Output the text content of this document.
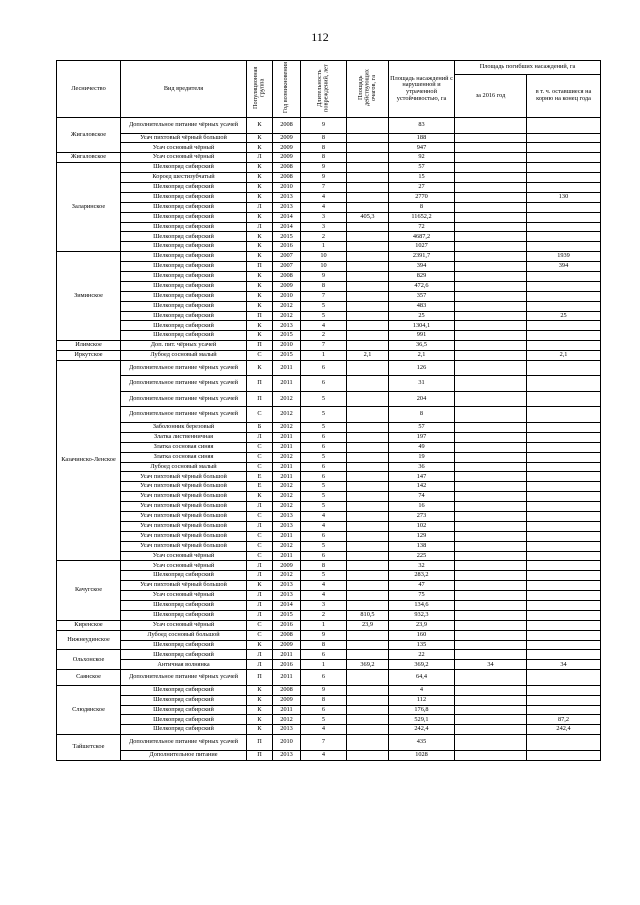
112
Лесничество	Вид вредителя	Популяционная группа	Год возникновения	Длительность повреждений, лет	Площадь действующих очагов, га	Площадь насаждений с нарушенной и утраченной устойчивостью, га	Площадь погибших насаждений, га	
							за 2016 год	в т. ч. оставшиеся на корню на конец года
Жигаловское	Дополнительное питание чёрных усачей	К	2008	9		83		
	Усач пихтовый чёрный большой	К	2009	8		188		
	Усач сосновый чёрный	К	2009	8		947		
Жигаловское	Усач сосновый чёрный	Л	2009	8		92		
Заларинское	Шелкопряд сибирский	К	2008	9		57		
	Короед шестизубчатый	К	2008	9		15		
	Шелкопряд сибирский	К	2010	7		27		
	Шелкопряд сибирский	К	2013	4		2770		130
	Шелкопряд сибирский	Л	2013	4		8		
	Шелкопряд сибирский	К	2014	3	405,3	11652,2		
	Шелкопряд сибирский	Л	2014	3		72		
	Шелкопряд сибирский	К	2015	2		4687,2		
	Шелкопряд сибирский	К	2016	1		1027		
Зиминское	Шелкопряд сибирский	К	2007	10		2391,7		1939
	Шелкопряд сибирский	П	2007	10		394		394
	Шелкопряд сибирский	К	2008	9		829		
	Шелкопряд сибирский	К	2009	8		472,6		
	Шелкопряд сибирский	К	2010	7		357		
	Шелкопряд сибирский	К	2012	5		483		
	Шелкопряд сибирский	П	2012	5		25		25
	Шелкопряд сибирский	К	2013	4		1304,1		
	Шелкопряд сибирский	К	2015	2		991		
Илимское	Доп. пит. чёрных усачей	П	2010	7		36,5		
Иркутское	Лубоед сосновый малый	С	2015	1	2,1	2,1		2,1
Казачинско-Ленское	Дополнительное питание чёрных усачей	К	2011	6		126		
	Дополнительное питание чёрных усачей	П	2011	6		31		
	Дополнительное питание чёрных усачей	П	2012	5		204		
	Дополнительное питание чёрных усачей	С	2012	5		8		
	Заболонник березовый	Б	2012	5		57		
	Златка лиственничная	Л	2011	6		197		
	Златка сосновая синяя	С	2011	6		49		
	Златка сосновая синяя	С	2012	5		19		
	Лубоед сосновый малый	С	2011	6		36		
	Усач пихтовый чёрный большой	Е	2011	6		147		
	Усач пихтовый чёрный большой	Е	2012	5		142		
	Усач пихтовый чёрный большой	К	2012	5		74		
	Усач пихтовый чёрный большой	Л	2012	5		16		
	Усач пихтовый чёрный большой	С	2013	4		273		
	Усач пихтовый чёрный большой	Л	2013	4		102		
	Усач пихтовый чёрный большой	С	2011	6		129		
	Усач пихтовый чёрный большой	С	2012	5		138		
	Усач сосновый чёрный	С	2011	6		225		
Качугское	Усач сосновый чёрный	Л	2009	8		32		
	Шелкопряд сибирский	Л	2012	5		283,2		
	Усач пихтовый чёрный большой	К	2013	4		47		
	Усач сосновый чёрный	Л	2013	4		75		
	Шелкопряд сибирский	Л	2014	3		134,6		
	Шелкопряд сибирский	Л	2015	2	810,5	932,3		
Киренское	Усач сосновый чёрный	С	2016	1	23,9	23,9		
Нижнеудинское	Лубоед сосновый большой	С	2008	9		160		
	Шелкопряд сибирский	К	2009	8		135		
Ольхонское	Шелкопряд сибирский	Л	2011	6		22		
	Античная волнянка	Л	2016	1	369,2	369,2	34	34
Саянское	Дополнительное питание чёрных усачей	П	2011	6		64,4		
Слюдянское	Шелкопряд сибирский	К	2008	9		4		
	Шелкопряд сибирский	К	2009	8		112		
	Шелкопряд сибирский	К	2011	6		176,8		
	Шелкопряд сибирский	К	2012	5		529,1		87,2
	Шелкопряд сибирский	К	2013	4		242,4		242,4
Тайшетское	Дополнительное питание чёрных усачей	П	2010	7		435		
	Дополнительное питание	П	2013	4		1028		
